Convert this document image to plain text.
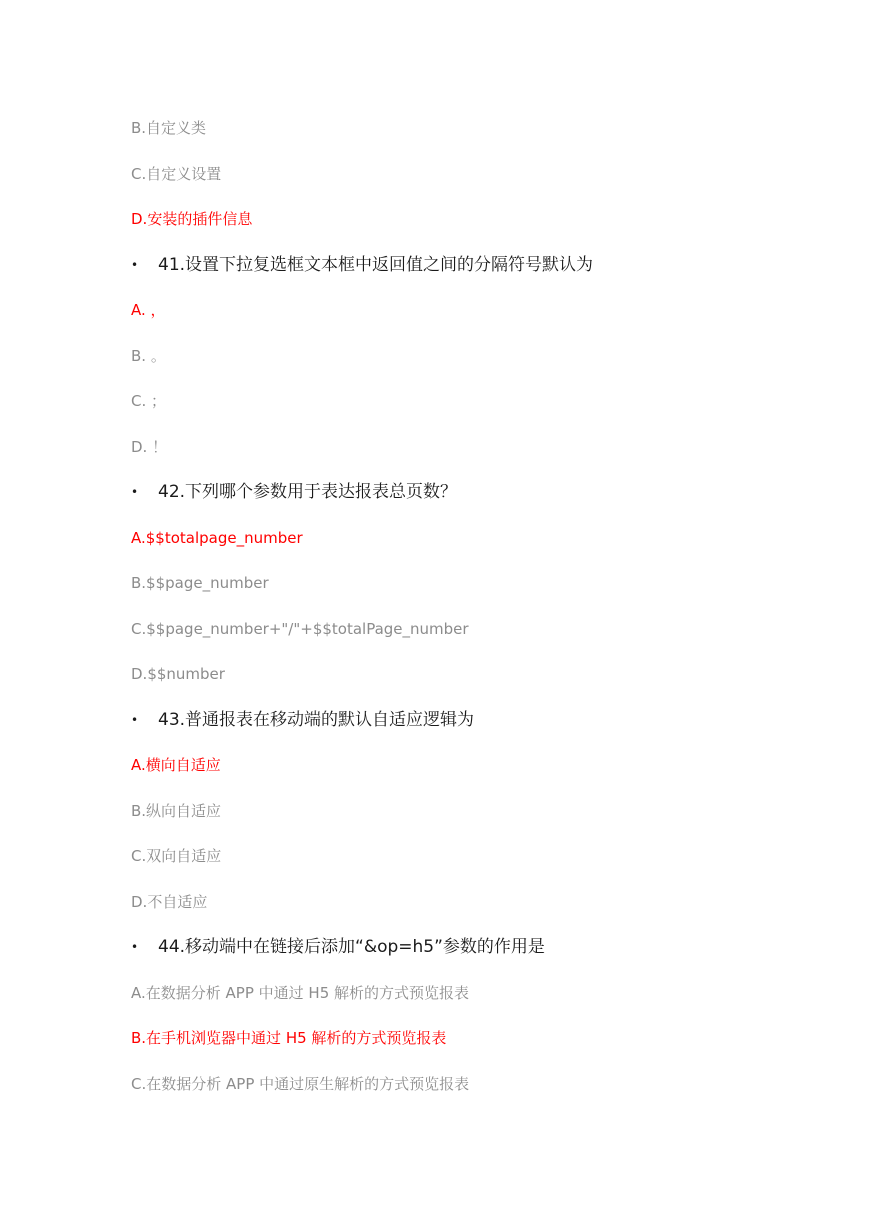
B.自定义类
C.自定义设置
D.安装的插件信息
• 41.设置下拉复选框文本框中返回值之间的分隔符号默认为
A. ，
B. 。
C. ；
D. ！
• 42.下列哪个参数用于表达报表总页数？
A.$$totalpage_number
B.$$page_number
C.$$page_number+"/"+$$totalPage_number
D.$$number
• 43.普通报表在移动端的默认自适应逻辑为
A.横向自适应
B.纵向自适应
C.双向自适应
D.不自适应
• 44.移动端中在链接后添加“&op=h5”参数的作用是
A.在数据分析 APP 中通过 H5 解析的方式预览报表
B.在手机浏览器中通过 H5 解析的方式预览报表
C.在数据分析 APP 中通过原生解析的方式预览报表
